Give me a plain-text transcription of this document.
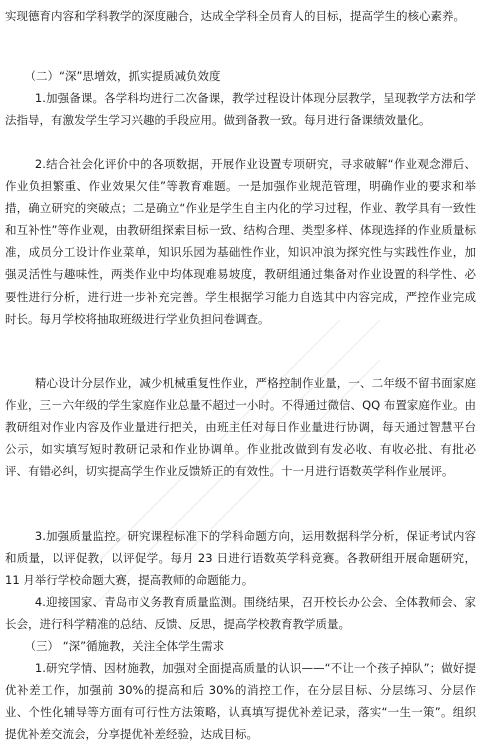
实现德育内容和学科教学的深度融合，达成全学科全员育人的目标，提高学生的核心素养。

（二）“深”思增效，抓实提质减负效度

1.加强备课。各学科均进行二次备课，教学过程设计体现分层教学，呈现教学方法和学法指导，有激发学生学习兴趣的手段应用。做到备教一致。每月进行备课绩效量化。

2.结合社会化评价中的各项数据，开展作业设置专项研究，寻求破解“作业观念滞后、作业负担繁重、作业效果欠佳”等教育难题。一是加强作业规范管理，明确作业的要求和举措，确立研究的突破点；二是确立“作业是学生自主内化的学习过程，作业、教学具有一致性和互补性”等作业观，由教研组探索目标一致、结构合理、类型多样、体现选择的作业质量标准，成员分工设计作业菜单，知识乐园为基础性作业，知识冲浪为探究性与实践性作业，加强灵活性与趣味性，两类作业中均体现难易坡度，教研组通过集备对作业设置的科学性、必要性进行分析，进行进一步补充完善。学生根据学习能力自选其中内容完成，严控作业完成时长。每月学校将抽取班级进行学业负担问卷调查。

精心设计分层作业，减少机械重复性作业，严格控制作业量，一、二年级不留书面家庭作业，三－六年级的学生家庭作业总量不超过一小时。不得通过微信、QQ 布置家庭作业。由教研组对作业内容及作业量进行把关，由班主任对每日作业量进行协调，每天通过智慧平台公示，如实填写短时教研记录和作业协调单。作业批改做到有发必收、有收必批、有批必评、有错必纠，切实提高学生作业反馈矫正的有效性。十一月进行语数英学科作业展评。

3.加强质量监控。研究课程标准下的学科命题方向，运用数据科学分析，保证考试内容和质量，以评促教，以评促学。每月 23 日进行语数英学科竞赛。各教研组开展命题研究，11 月举行学校命题大赛，提高教师的命题能力。

4.迎接国家、青岛市义务教育质量监测。围绕结果，召开校长办公会、全体教师会、家长会，进行科学精准的总结、反馈、反思，提高学校教育教学质量。

（三） “深”循施教，关注全体学生需求

1.研究学情、因材施教，加强对全面提高质量的认识——“不让一个孩子掉队”；做好提优补差工作，加强前 30%的提高和后 30%的消控工作，在分层目标、分层练习、分层作业、个性化辅导等方面有可行性方法策略，认真填写提优补差记录，落实“一生一策”。组织提优补差交流会，分享提优补差经验，达成目标。
